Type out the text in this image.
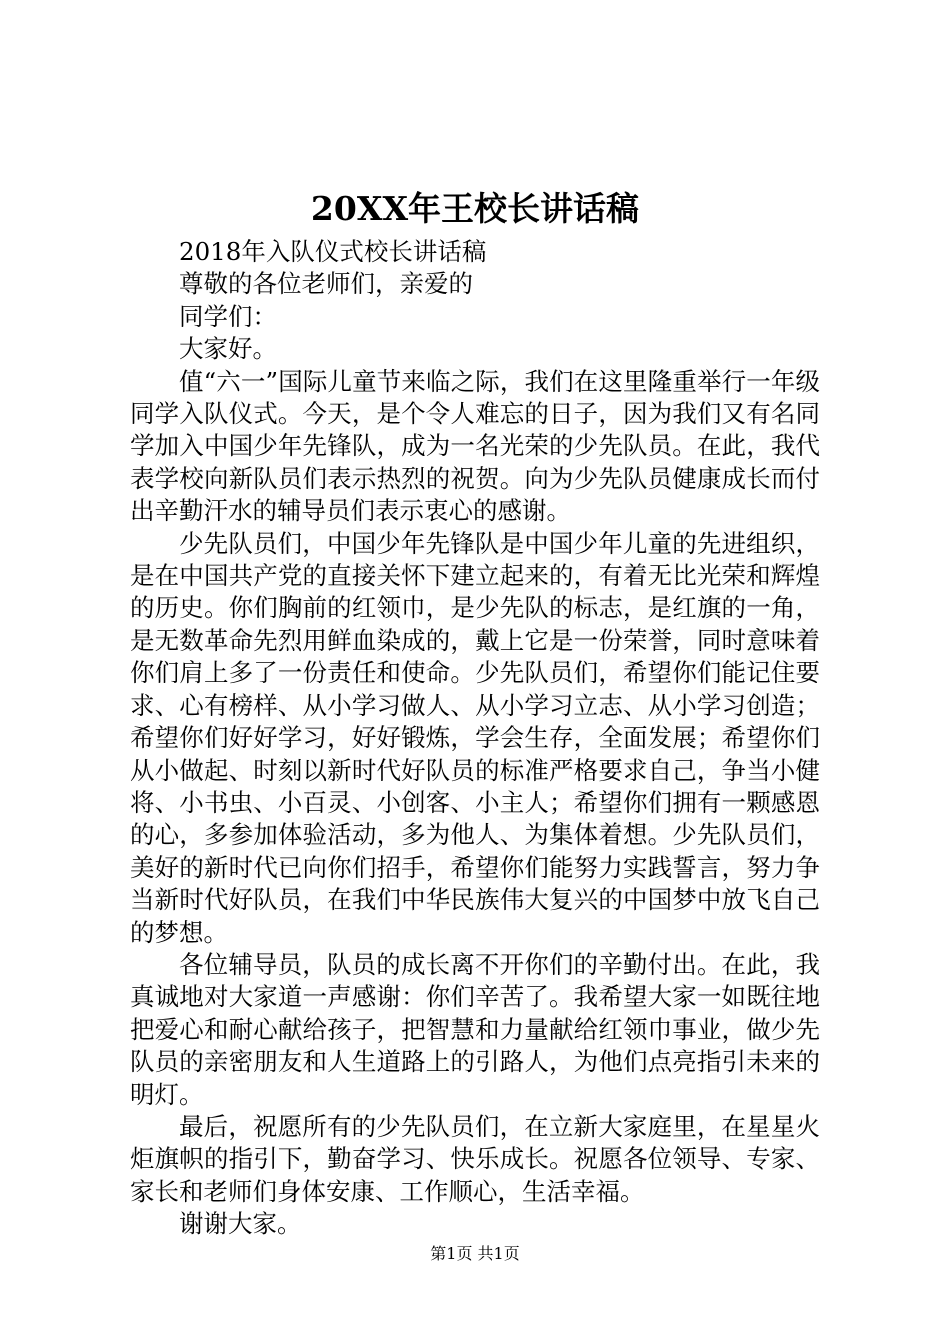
20XX年王校长讲话稿

2018年入队仪式校长讲话稿

尊敬的各位老师们，亲爱的

同学们：

大家好。

值“六一”国际儿童节来临之际，我们在这里隆重举行一年级同学入队仪式。今天，是个令人难忘的日子，因为我们又有名同学加入中国少年先锋队，成为一名光荣的少先队员。在此，我代表学校向新队员们表示热烈的祝贺。向为少先队员健康成长而付出辛勤汗水的辅导员们表示衷心的感谢。

少先队员们，中国少年先锋队是中国少年儿童的先进组织，是在中国共产党的直接关怀下建立起来的，有着无比光荣和辉煌的历史。你们胸前的红领巾，是少先队的标志，是红旗的一角，是无数革命先烈用鲜血染成的，戴上它是一份荣誉，同时意味着你们肩上多了一份责任和使命。少先队员们，希望你们能记住要求、心有榜样、从小学习做人、从小学习立志、从小学习创造；希望你们好好学习，好好锻炼，学会生存，全面发展；希望你们从小做起、时刻以新时代好队员的标准严格要求自己，争当小健将、小书虫、小百灵、小创客、小主人；希望你们拥有一颗感恩的心，多参加体验活动，多为他人、为集体着想。少先队员们，美好的新时代已向你们招手，希望你们能努力实践誓言，努力争当新时代好队员，在我们中华民族伟大复兴的中国梦中放飞自己的梦想。

各位辅导员，队员的成长离不开你们的辛勤付出。在此，我真诚地对大家道一声感谢：你们辛苦了。我希望大家一如既往地把爱心和耐心献给孩子，把智慧和力量献给红领巾事业，做少先队员的亲密朋友和人生道路上的引路人，为他们点亮指引未来的明灯。

最后，祝愿所有的少先队员们，在立新大家庭里，在星星火炬旗帜的指引下，勤奋学习、快乐成长。祝愿各位领导、专家、家长和老师们身体安康、工作顺心，生活幸福。

谢谢大家。

第1页 共1页
